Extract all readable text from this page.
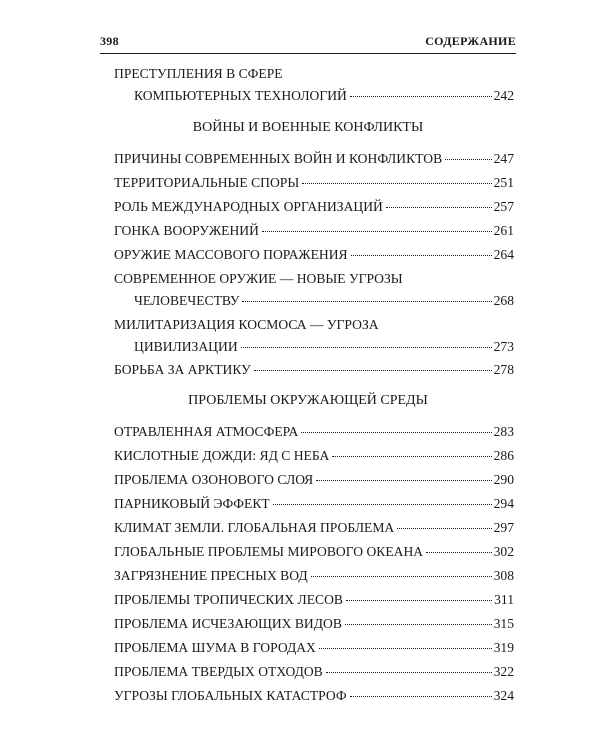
398	СОДЕРЖАНИЕ
ПРЕСТУПЛЕНИЯ В СФЕРЕ
КОМПЬЮТЕРНЫХ ТЕХНОЛОГИЙ	242
ВОЙНЫ И ВОЕННЫЕ КОНФЛИКТЫ
ПРИЧИНЫ СОВРЕМЕННЫХ ВОЙН И КОНФЛИКТОВ	247
ТЕРРИТОРИАЛЬНЫЕ СПОРЫ	251
РОЛЬ МЕЖДУНАРОДНЫХ ОРГАНИЗАЦИЙ	257
ГОНКА ВООРУЖЕНИЙ	261
ОРУЖИЕ МАССОВОГО ПОРАЖЕНИЯ	264
СОВРЕМЕННОЕ ОРУЖИЕ — НОВЫЕ УГРОЗЫ
ЧЕЛОВЕЧЕСТВУ	268
МИЛИТАРИЗАЦИЯ КОСМОСА — УГРОЗА
ЦИВИЛИЗАЦИИ	273
БОРЬБА ЗА АРКТИКУ	278
ПРОБЛЕМЫ ОКРУЖАЮЩЕЙ СРЕДЫ
ОТРАВЛЕННАЯ АТМОСФЕРА	283
КИСЛОТНЫЕ ДОЖДИ: ЯД С НЕБА	286
ПРОБЛЕМА ОЗОНОВОГО СЛОЯ	290
ПАРНИКОВЫЙ ЭФФЕКТ	294
КЛИМАТ ЗЕМЛИ. ГЛОБАЛЬНАЯ ПРОБЛЕМА	297
ГЛОБАЛЬНЫЕ ПРОБЛЕМЫ МИРОВОГО ОКЕАНА	302
ЗАГРЯЗНЕНИЕ ПРЕСНЫХ ВОД	308
ПРОБЛЕМЫ ТРОПИЧЕСКИХ ЛЕСОВ	311
ПРОБЛЕМА ИСЧЕЗАЮЩИХ ВИДОВ	315
ПРОБЛЕМА ШУМА В ГОРОДАХ	319
ПРОБЛЕМА ТВЕРДЫХ ОТХОДОВ	322
УГРОЗЫ ГЛОБАЛЬНЫХ КАТАСТРОФ	324
